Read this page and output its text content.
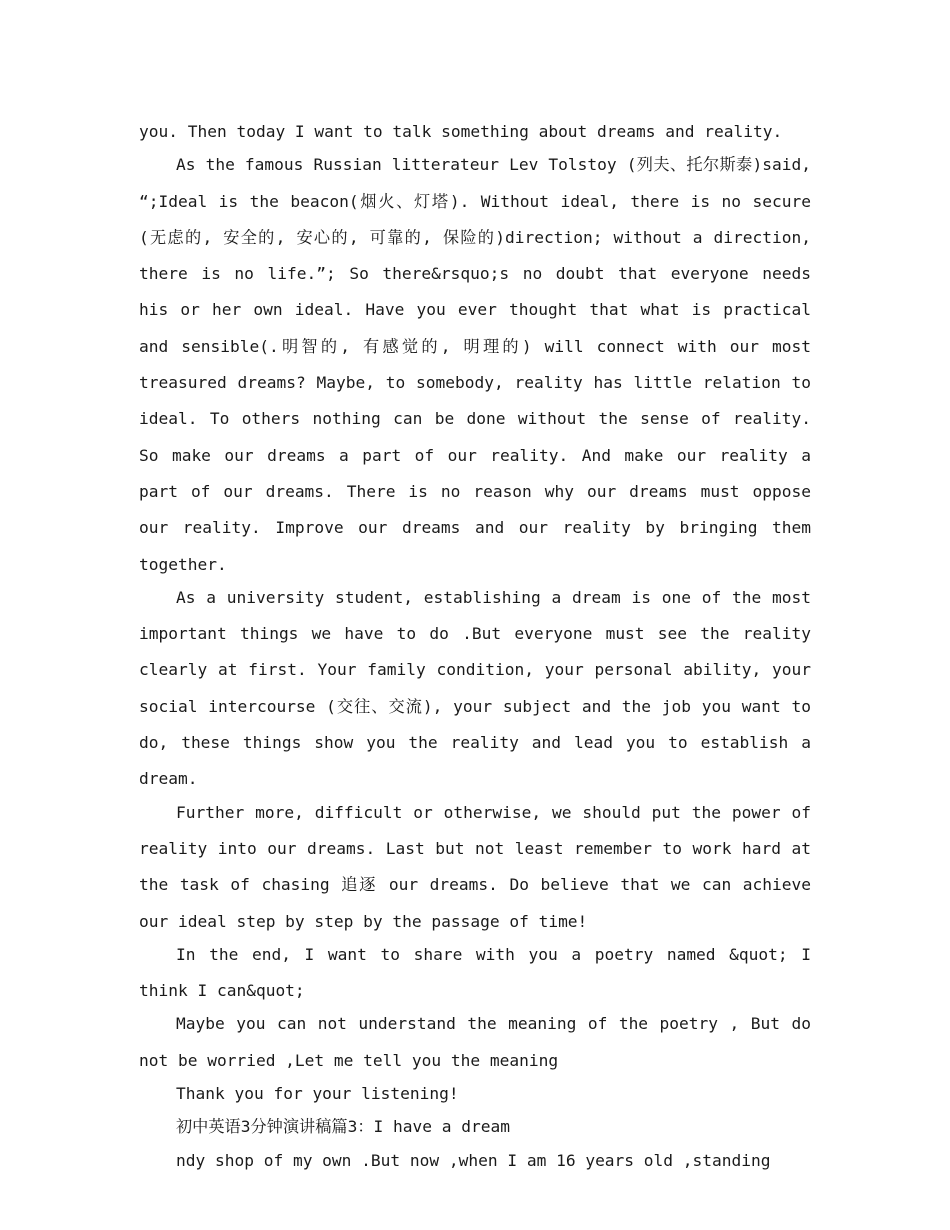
you. Then today I want to talk something about dreams and reality.

As the famous Russian litterateur Lev Tolstoy (列夫、托尔斯泰)said, “;Ideal is the beacon(烟火、灯塔). Without ideal, there is no secure (无虑的, 安全的, 安心的, 可靠的, 保险的)direction; without a direction, there is no life.”; So there&rsquo;s no doubt that everyone needs his or her own ideal. Have you ever thought that what is practical and sensible(.明智的, 有感觉的, 明理的) will connect with our most treasured dreams? Maybe, to somebody, reality has little relation to ideal. To others nothing can be done without the sense of reality. So make our dreams a part of our reality. And make our reality a part of our dreams. There is no reason why our dreams must oppose our reality. Improve our dreams and our reality by bringing them together.

As a university student, establishing a dream is one of the most important things we have to do .But everyone must see the reality clearly at first. Your family condition, your personal ability, your social intercourse (交往、交流), your subject and the job you want to do, these things show you the reality and lead you to establish a dream.

Further more, difficult or otherwise, we should put the power of reality into our dreams. Last but not least remember to work hard at the task of chasing 追逐 our dreams. Do believe that we can achieve our ideal step by step by the passage of time!

In the end, I want to share with you a poetry named &quot; I think I can&quot;

Maybe you can not understand the meaning of the poetry , But do not be worried ,Let me tell you the meaning

Thank you for your listening!

初中英语3分钟演讲稿篇3：I have a dream

ndy shop of my own .But now ,when I am 16 years old ,standing
